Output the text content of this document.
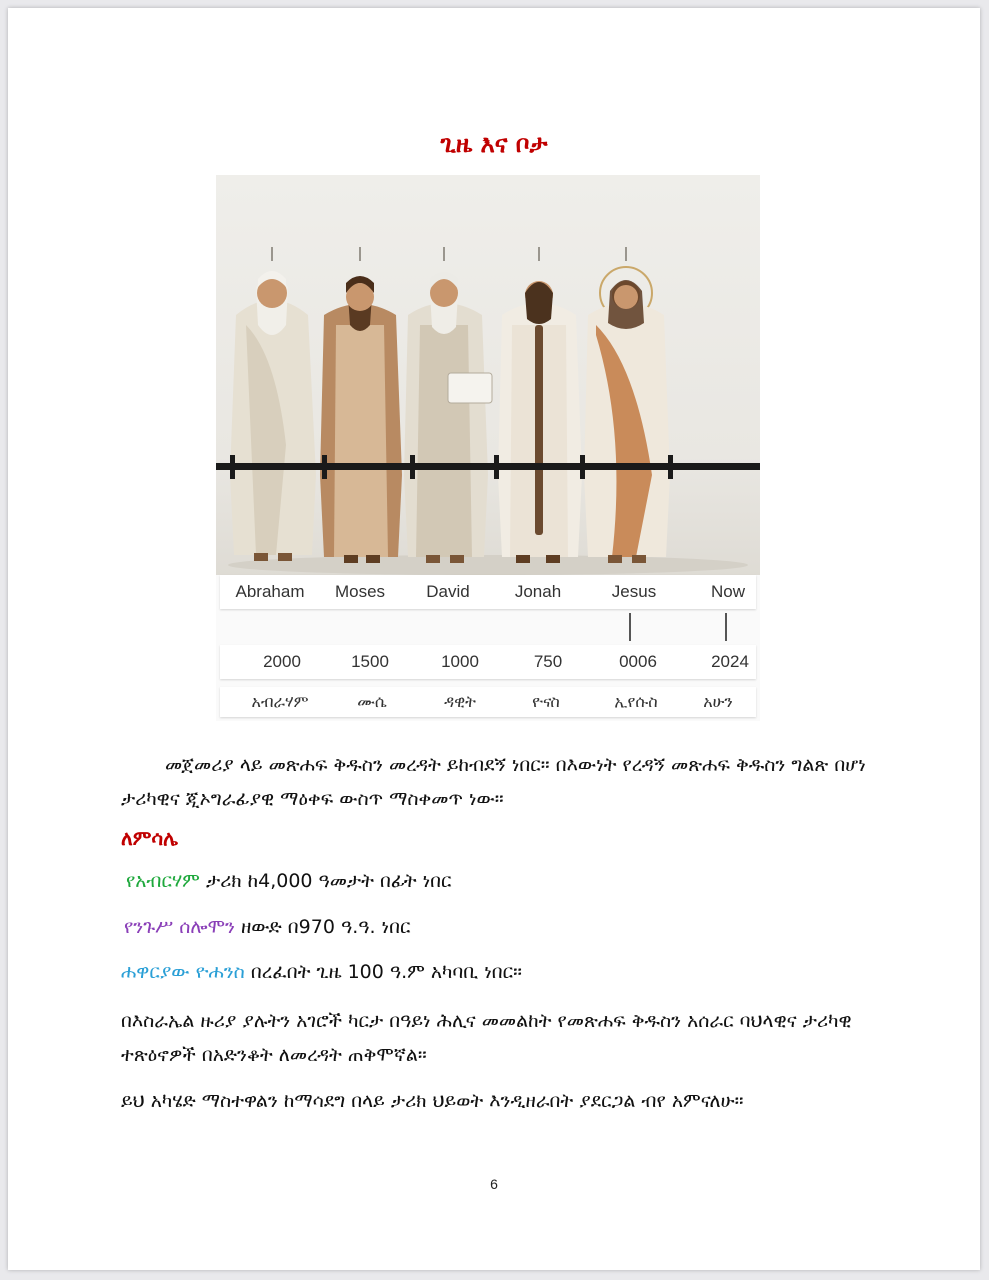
ጊዜ እና ቦታ
Abraham	Moses	David	Jonah	Jesus	Now
2000	1500	1000	750	0006	2024
አብራሃም	ሙሴ	ዳዊት	ዮናስ	ኢየሱስ	አሁን
መጀመሪያ ላይ መጽሐፍ ቅዱስን መረዳት ይከብደኝ ነበር። በእውነት የረዳኝ መጽሐፍ ቅዱስን ግልጽ በሆነ ታሪካዊና ጂኦግራፊያዊ ማዕቀፍ ውስጥ ማስቀመጥ ነው።
ለምሳሌ
የአብርሃም ታሪክ ከ4,000 ዓመታት በፊት ነበር
የንጉሥ ሰሎሞን ዘውድ በ970 ዓ.ዓ. ነበር
ሐዋርያው ዮሐንስ በረፈበት ጊዜ 100 ዓ.ም አካባቢ ነበር።
በእስራኤል ዙሪያ ያሉትን አገሮች ካርታ በዓይነ ሕሊና መመልከት የመጽሐፍ ቅዱስን አሰራር ባህላዊና ታሪካዊ ተጽዕኖዎች በአድንቆት ለመረዳት ጠቅሞኛል።
ይህ አካሄድ ማስተዋልን ከማሳደግ በላይ ታሪክ ህይወት እንዲዘራበት ያደርጋል ብየ አምናለሁ።
6
